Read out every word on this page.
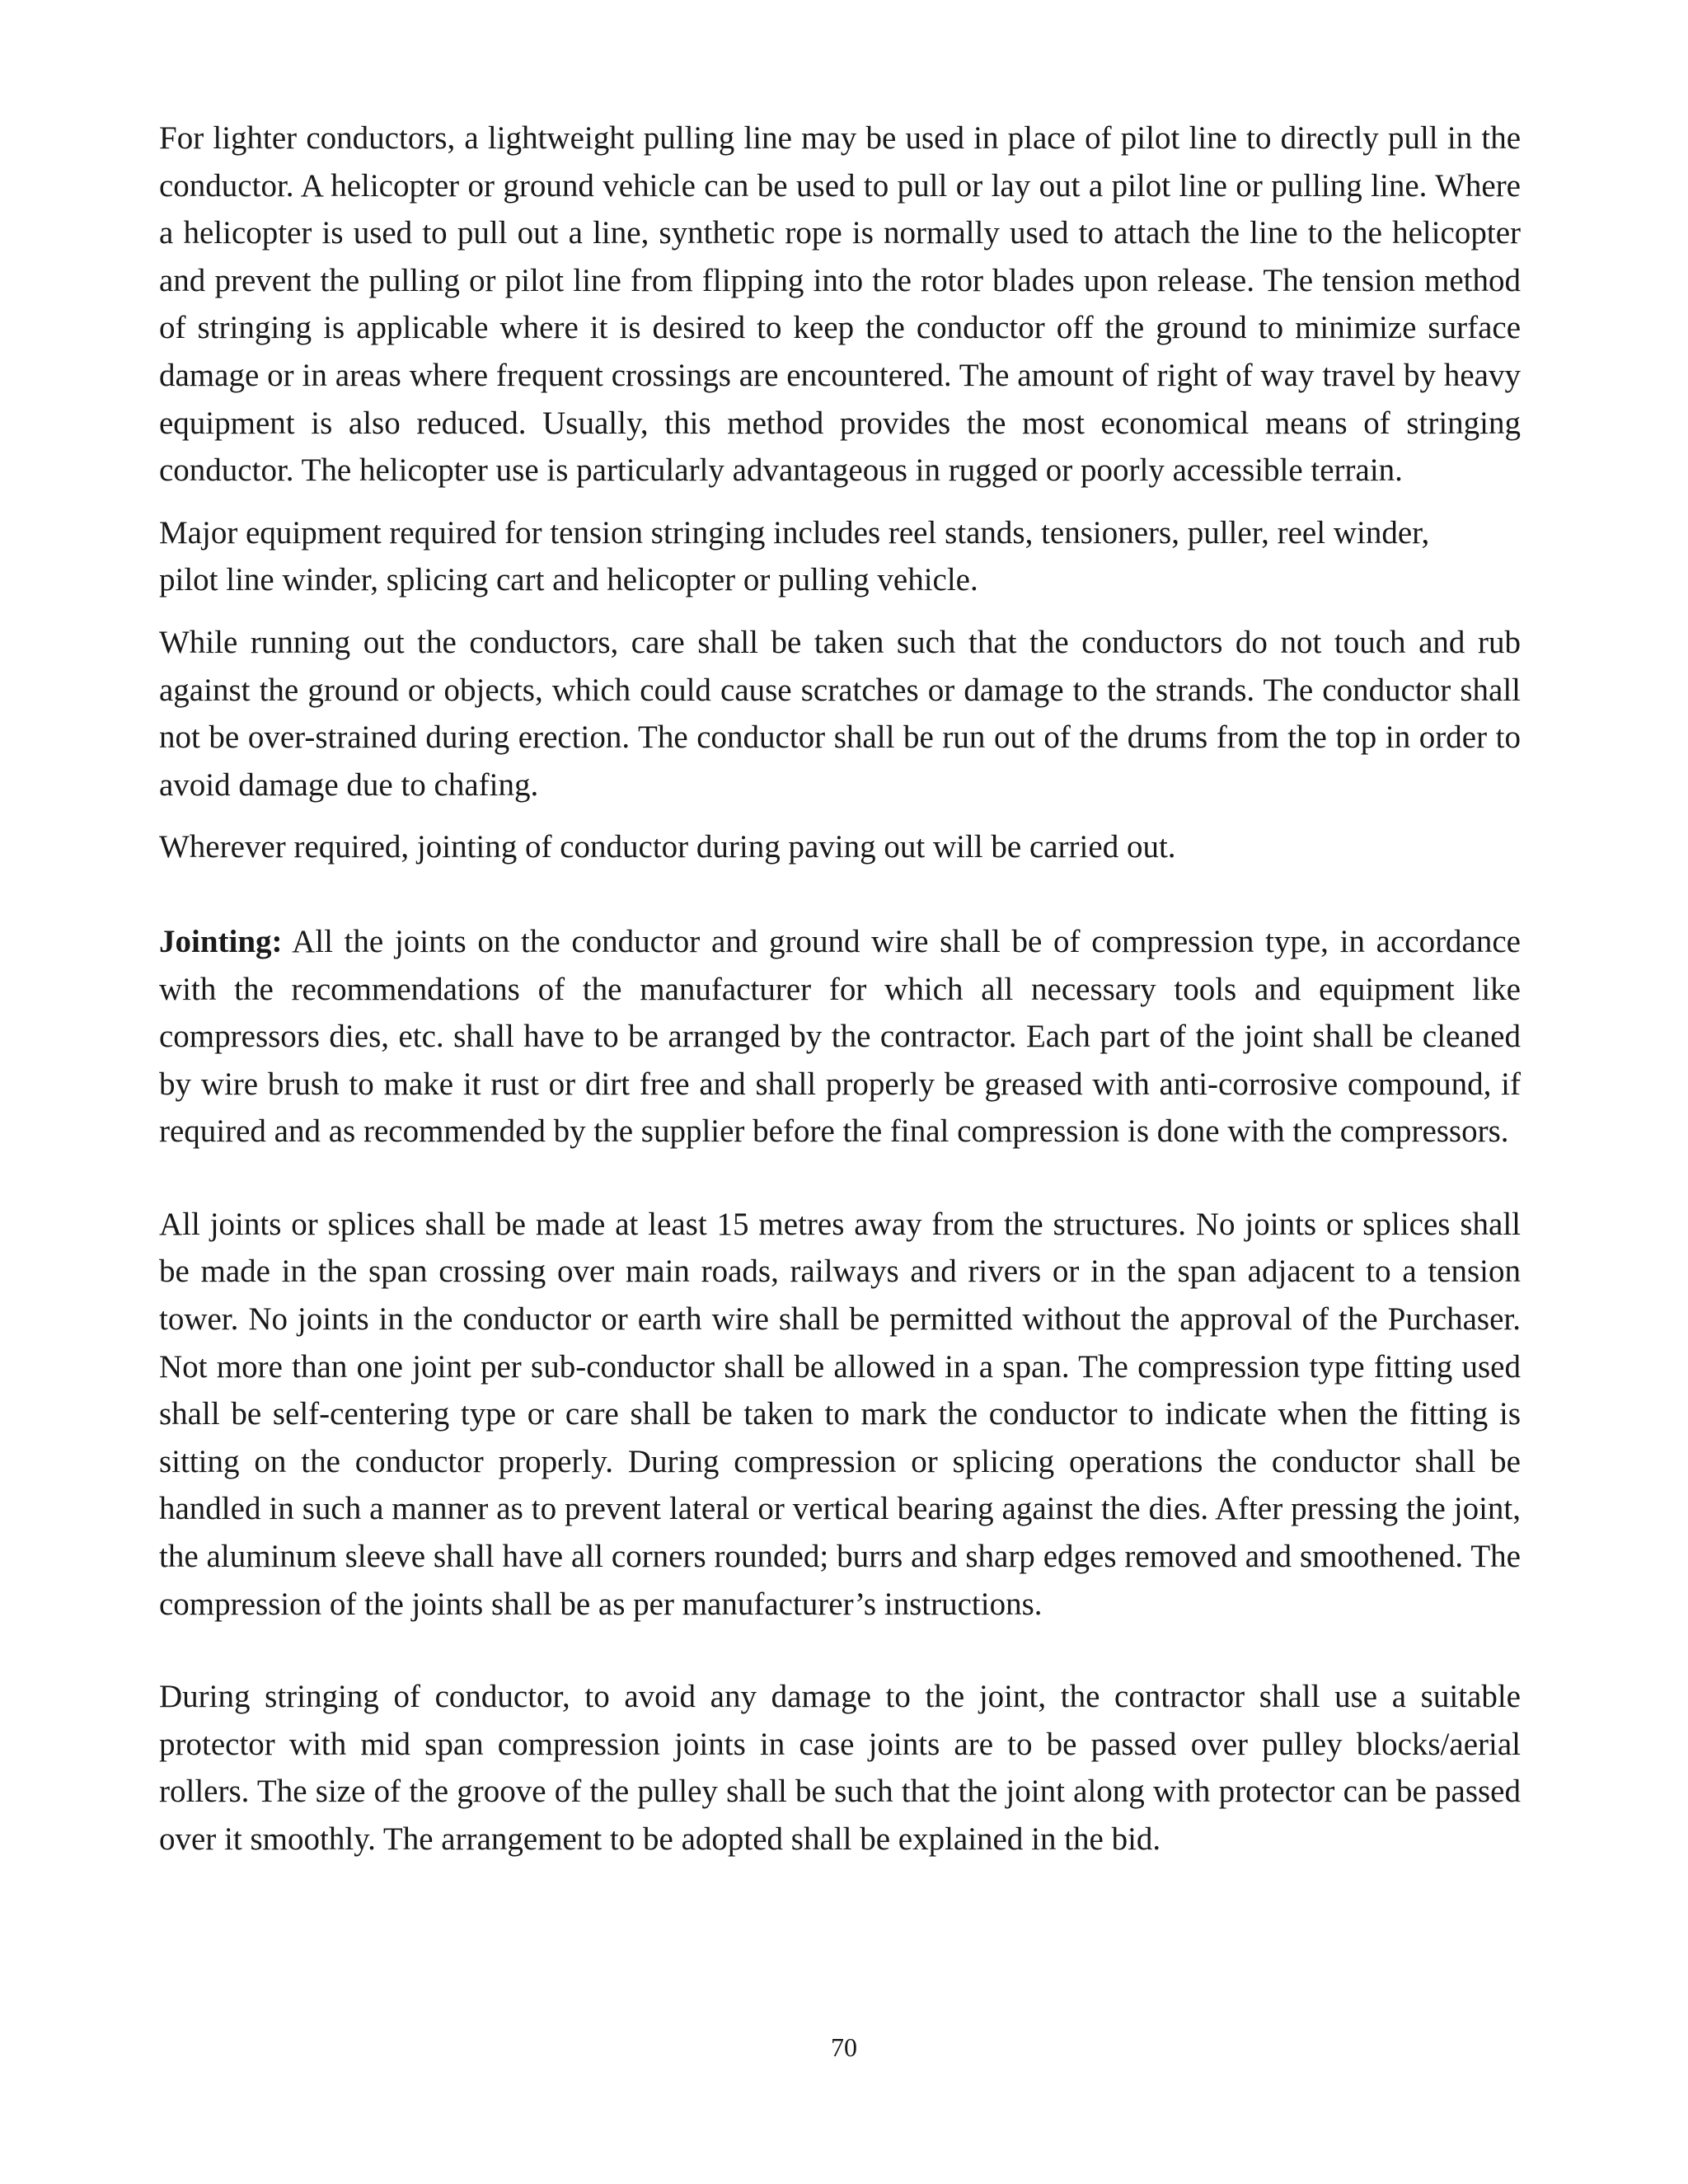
For lighter conductors, a lightweight pulling line may be used in place of pilot line to directly pull in the conductor. A helicopter or ground vehicle can be used to pull or lay out a pilot line or pulling line. Where a helicopter is used to pull out a line, synthetic rope is normally used to attach the line to the helicopter and prevent the pulling or pilot line from flipping into the rotor blades upon release. The tension method of stringing is applicable where it is desired to keep the conductor off the ground to minimize surface damage or in areas where frequent crossings are encountered. The amount of right of way travel by heavy equipment is also reduced. Usually, this method provides the most economical means of stringing conductor. The helicopter use is particularly advantageous in rugged or poorly accessible terrain.

Major equipment required for tension stringing includes reel stands, tensioners, puller, reel winder,
pilot line winder, splicing cart and helicopter or pulling vehicle.

While running out the conductors, care shall be taken such that the conductors do not touch and rub against the ground or objects, which could cause scratches or damage to the strands. The conductor shall not be over-strained during erection. The conductor shall be run out of the drums from the top in order to avoid damage due to chafing.

Wherever required, jointing of conductor during paving out will be carried out.

Jointing: All the joints on the conductor and ground wire shall be of compression type, in accordance with the recommendations of the manufacturer for which all necessary tools and equipment like compressors dies, etc. shall have to be arranged by the contractor. Each part of the joint shall be cleaned by wire brush to make it rust or dirt free and shall properly be greased with anti-corrosive compound, if required and as recommended by the supplier before the final compression is done with the compressors.

All joints or splices shall be made at least 15 metres away from the structures. No joints or splices shall be made in the span crossing over main roads, railways and rivers or in the span adjacent to a tension tower. No joints in the conductor or earth wire shall be permitted without the approval of the Purchaser. Not more than one joint per sub-conductor shall be allowed in a span. The compression type fitting used shall be self-centering type or care shall be taken to mark the conductor to indicate when the fitting is sitting on the conductor properly. During compression or splicing operations the conductor shall be handled in such a manner as to prevent lateral or vertical bearing against the dies. After pressing the joint, the aluminum sleeve shall have all corners rounded; burrs and sharp edges removed and smoothened. The compression of the joints shall be as per manufacturer’s instructions.

During stringing of conductor, to avoid any damage to the joint, the contractor shall use a suitable protector with mid span compression joints in case joints are to be passed over pulley blocks/aerial rollers. The size of the groove of the pulley shall be such that the joint along with protector can be passed over it smoothly. The arrangement to be adopted shall be explained in the bid.

70
